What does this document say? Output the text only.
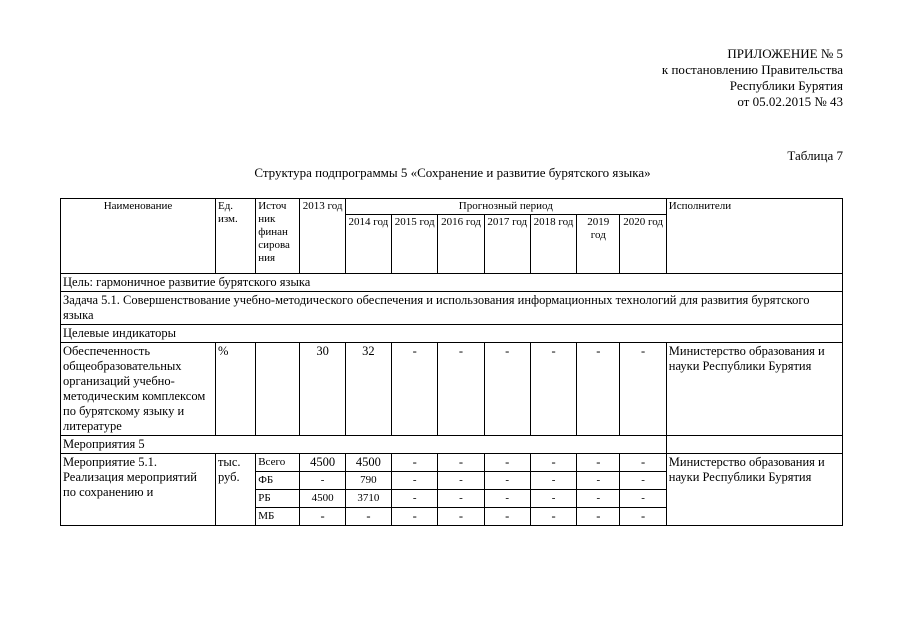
ПРИЛОЖЕНИЕ № 5
к постановлению Правительства
Республики Бурятия
от 05.02.2015 № 43
Таблица 7
Структура подпрограммы 5 «Сохранение и развитие бурятского языка»
Наименование	Ед. изм.	Источ ник финан сирова ния	2013 год	Прогнозный период							Исполнители
				2014 год	2015 год	2016 год	2017 год	2018 год	2019 год	2020 год	
Цель: гармоничное развитие бурятского языка											
Задача 5.1. Совершенствование учебно-методического обеспечения и использования информационных технологий для развития бурятского языка											
Целевые индикаторы											
Обеспеченность общеобразовательных организаций учебно-методическим комплексом по бурятскому языку и литературе	%		30	32	-	-	-	-	-	-	Министерство образования и науки Республики Бурятия
Мероприятия 5											
Мероприятие 5.1. Реализация мероприятий по сохранению и	тыс. руб.	Всего	4500	4500	-	-	-	-	-	-	Министерство образования и науки Республики Бурятия
		ФБ	-	790	-	-	-	-	-	-	
		РБ	4500	3710	-	-	-	-	-	-	
		МБ	-	-	-	-	-	-	-	-	
